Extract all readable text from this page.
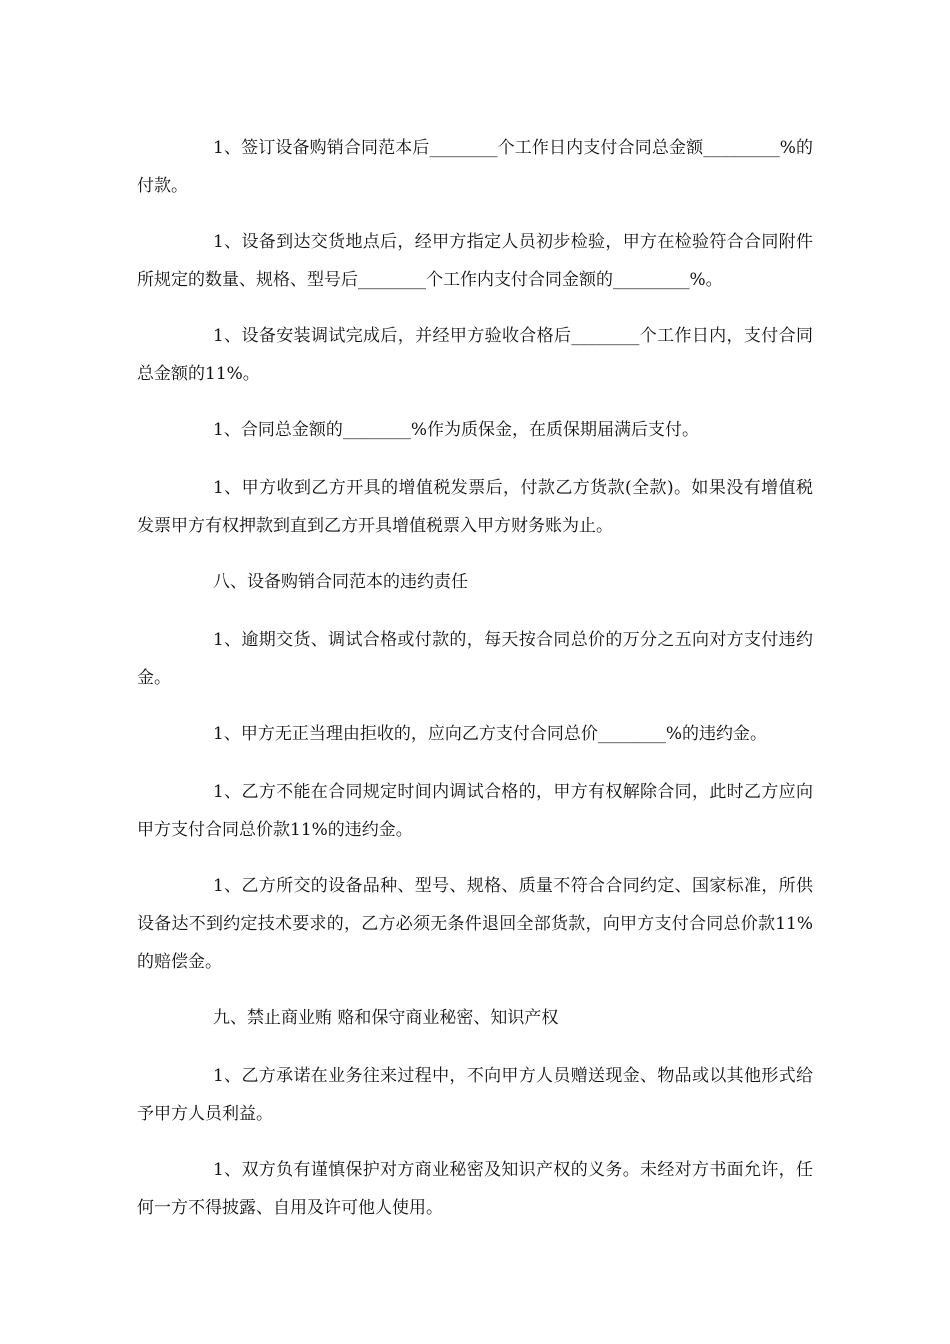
1、签订设备购销合同范本后________个工作日内支付合同总金额_________%的付款。

1、设备到达交货地点后，经甲方指定人员初步检验，甲方在检验符合合同附件所规定的数量、规格、型号后________个工作内支付合同金额的_________%。

1、设备安装调试完成后，并经甲方验收合格后________个工作日内，支付合同总金额的11%。

1、合同总金额的________%作为质保金，在质保期届满后支付。

1、甲方收到乙方开具的增值税发票后，付款乙方货款(全款)。如果没有增值税发票甲方有权押款到直到乙方开具增值税票入甲方财务账为止。

八、设备购销合同范本的违约责任

1、逾期交货、调试合格或付款的，每天按合同总价的万分之五向对方支付违约金。

1、甲方无正当理由拒收的，应向乙方支付合同总价________%的违约金。

1、乙方不能在合同规定时间内调试合格的，甲方有权解除合同，此时乙方应向甲方支付合同总价款11%的违约金。

1、乙方所交的设备品种、型号、规格、质量不符合合同约定、国家标准，所供设备达不到约定技术要求的，乙方必须无条件退回全部货款，向甲方支付合同总价款11%的赔偿金。

九、禁止商业贿 赂和保守商业秘密、知识产权

1、乙方承诺在业务往来过程中，不向甲方人员赠送现金、物品或以其他形式给予甲方人员利益。

1、双方负有谨慎保护对方商业秘密及知识产权的义务。未经对方书面允许，任何一方不得披露、自用及许可他人使用。
